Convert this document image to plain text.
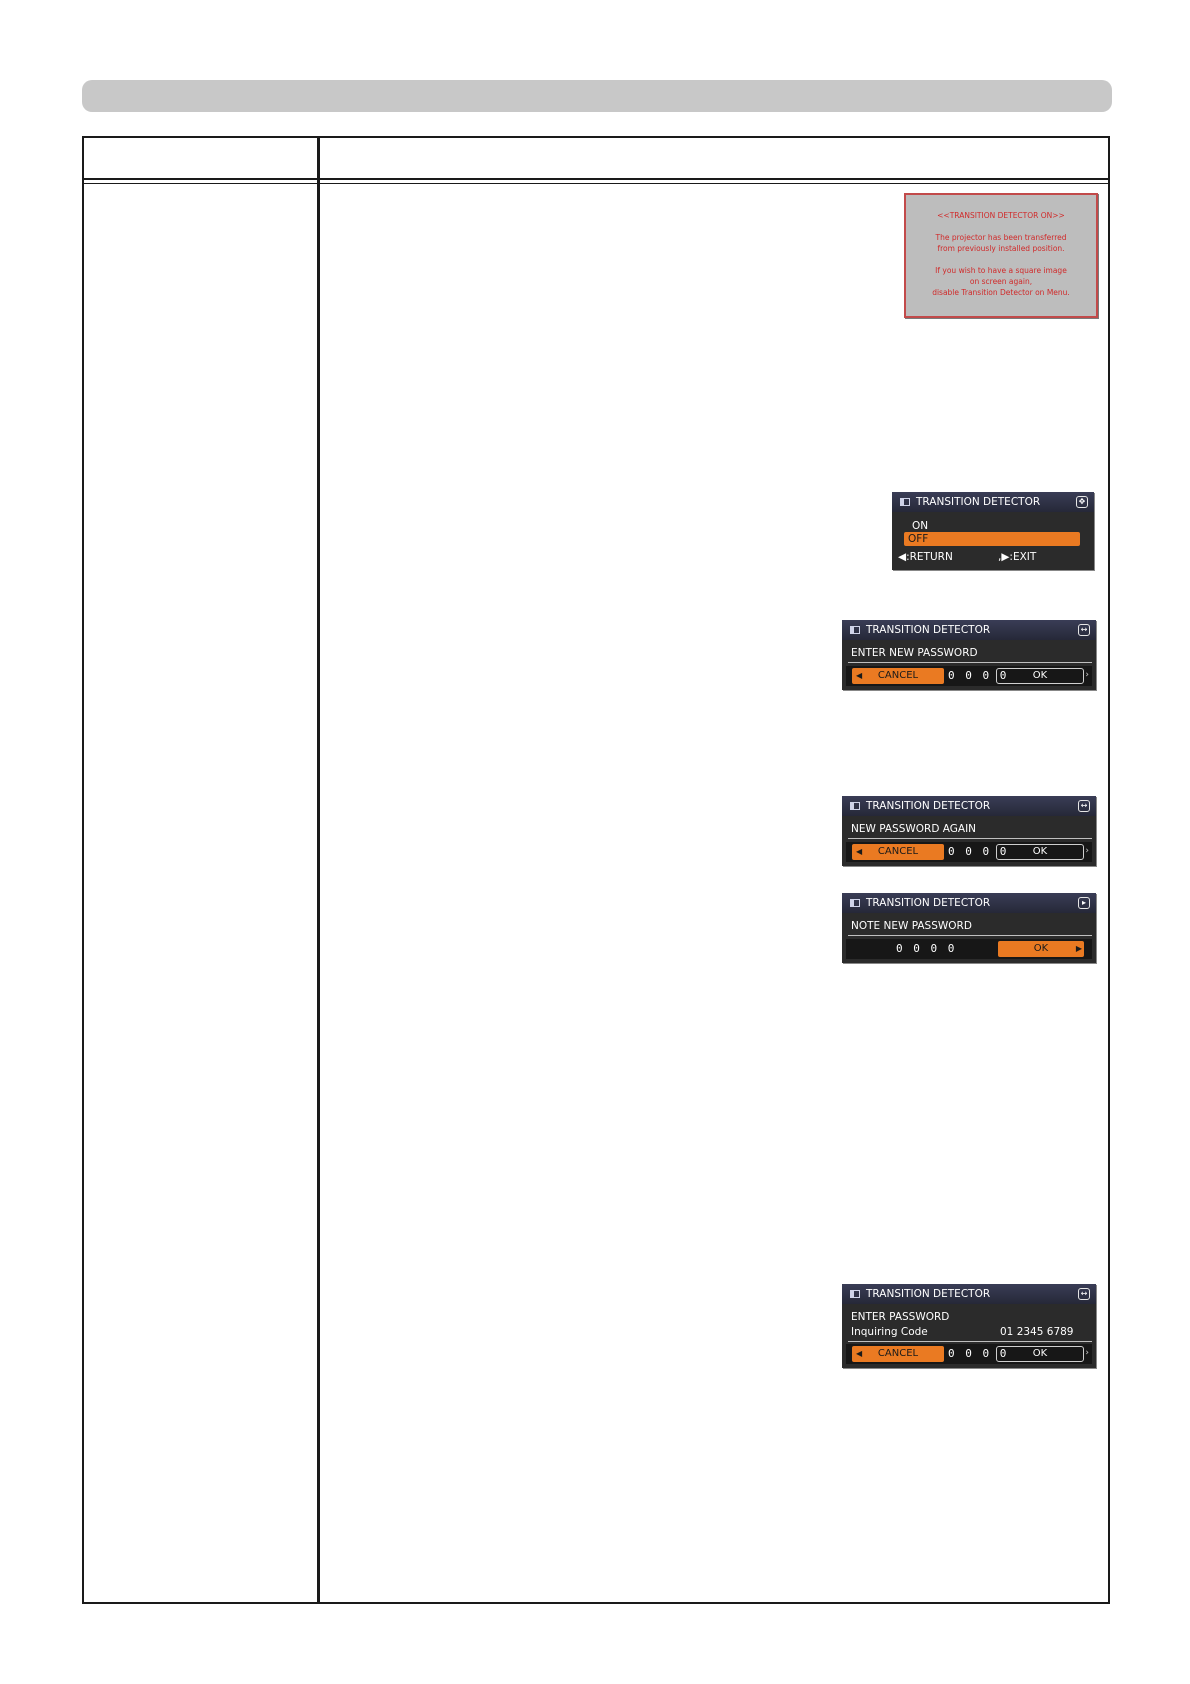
<<TRANSITION DETECTOR ON>>
The projector has been transferred
from previously installed position.
If you wish to have a square image
on screen again,
disable Transition Detector on Menu.
TRANSITION DETECTOR	✥
ON
OFF
◀:RETURN	,▶:EXIT
TRANSITION DETECTOR	↔
ENTER NEW PASSWORD
◀ CANCEL	0 0 0 0	OK	›
TRANSITION DETECTOR	↔
NEW PASSWORD AGAIN
◀ CANCEL	0 0 0 0	OK	›
TRANSITION DETECTOR	▸
NOTE NEW PASSWORD
0 0 0 0	OK	▶
TRANSITION DETECTOR	↔
ENTER PASSWORD
Inquiring Code	01 2345 6789
◀ CANCEL	0 0 0 0	OK	›
